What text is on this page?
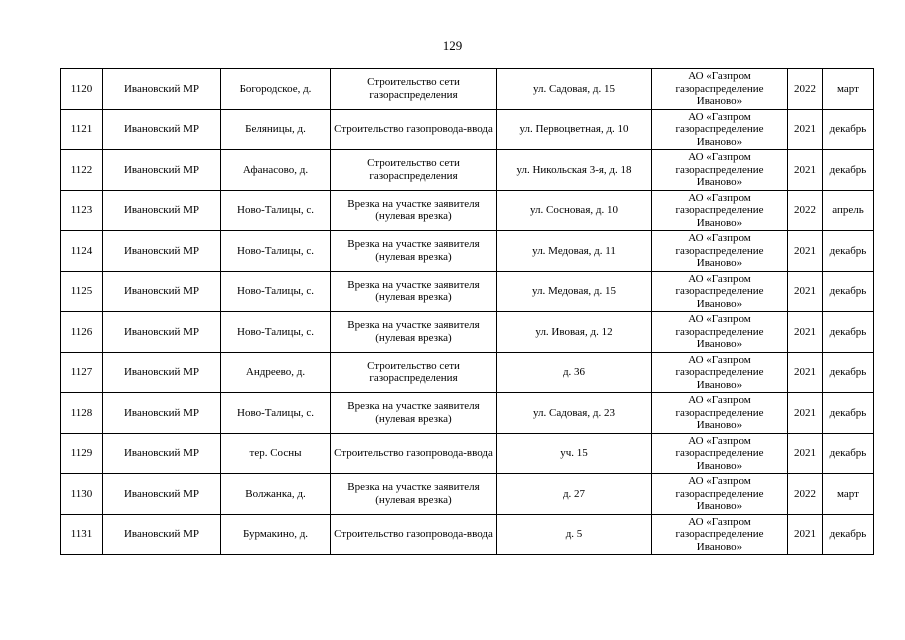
129
1120	Ивановский МР	Богородское, д.	Строительство сети газораспределения	ул. Садовая, д. 15	АО «Газпром газораспределение Иваново»	2022	март
1121	Ивановский МР	Беляницы, д.	Строительство газопровода-ввода	ул. Первоцветная, д. 10	АО «Газпром газораспределение Иваново»	2021	декабрь
1122	Ивановский МР	Афанасово, д.	Строительство сети газораспределения	ул. Никольская 3-я, д. 18	АО «Газпром газораспределение Иваново»	2021	декабрь
1123	Ивановский МР	Ново-Талицы, с.	Врезка на участке заявителя (нулевая врезка)	ул. Сосновая, д. 10	АО «Газпром газораспределение Иваново»	2022	апрель
1124	Ивановский МР	Ново-Талицы, с.	Врезка на участке заявителя (нулевая врезка)	ул. Медовая, д. 11	АО «Газпром газораспределение Иваново»	2021	декабрь
1125	Ивановский МР	Ново-Талицы, с.	Врезка на участке заявителя (нулевая врезка)	ул. Медовая, д. 15	АО «Газпром газораспределение Иваново»	2021	декабрь
1126	Ивановский МР	Ново-Талицы, с.	Врезка на участке заявителя (нулевая врезка)	ул. Ивовая, д. 12	АО «Газпром газораспределение Иваново»	2021	декабрь
1127	Ивановский МР	Андреево, д.	Строительство сети газораспределения	д. 36	АО «Газпром газораспределение Иваново»	2021	декабрь
1128	Ивановский МР	Ново-Талицы, с.	Врезка на участке заявителя (нулевая врезка)	ул. Садовая, д. 23	АО «Газпром газораспределение Иваново»	2021	декабрь
1129	Ивановский МР	тер. Сосны	Строительство газопровода-ввода	уч. 15	АО «Газпром газораспределение Иваново»	2021	декабрь
1130	Ивановский МР	Волжанка, д.	Врезка на участке заявителя (нулевая врезка)	д. 27	АО «Газпром газораспределение Иваново»	2022	март
1131	Ивановский МР	Бурмакино, д.	Строительство газопровода-ввода	д. 5	АО «Газпром газораспределение Иваново»	2021	декабрь
